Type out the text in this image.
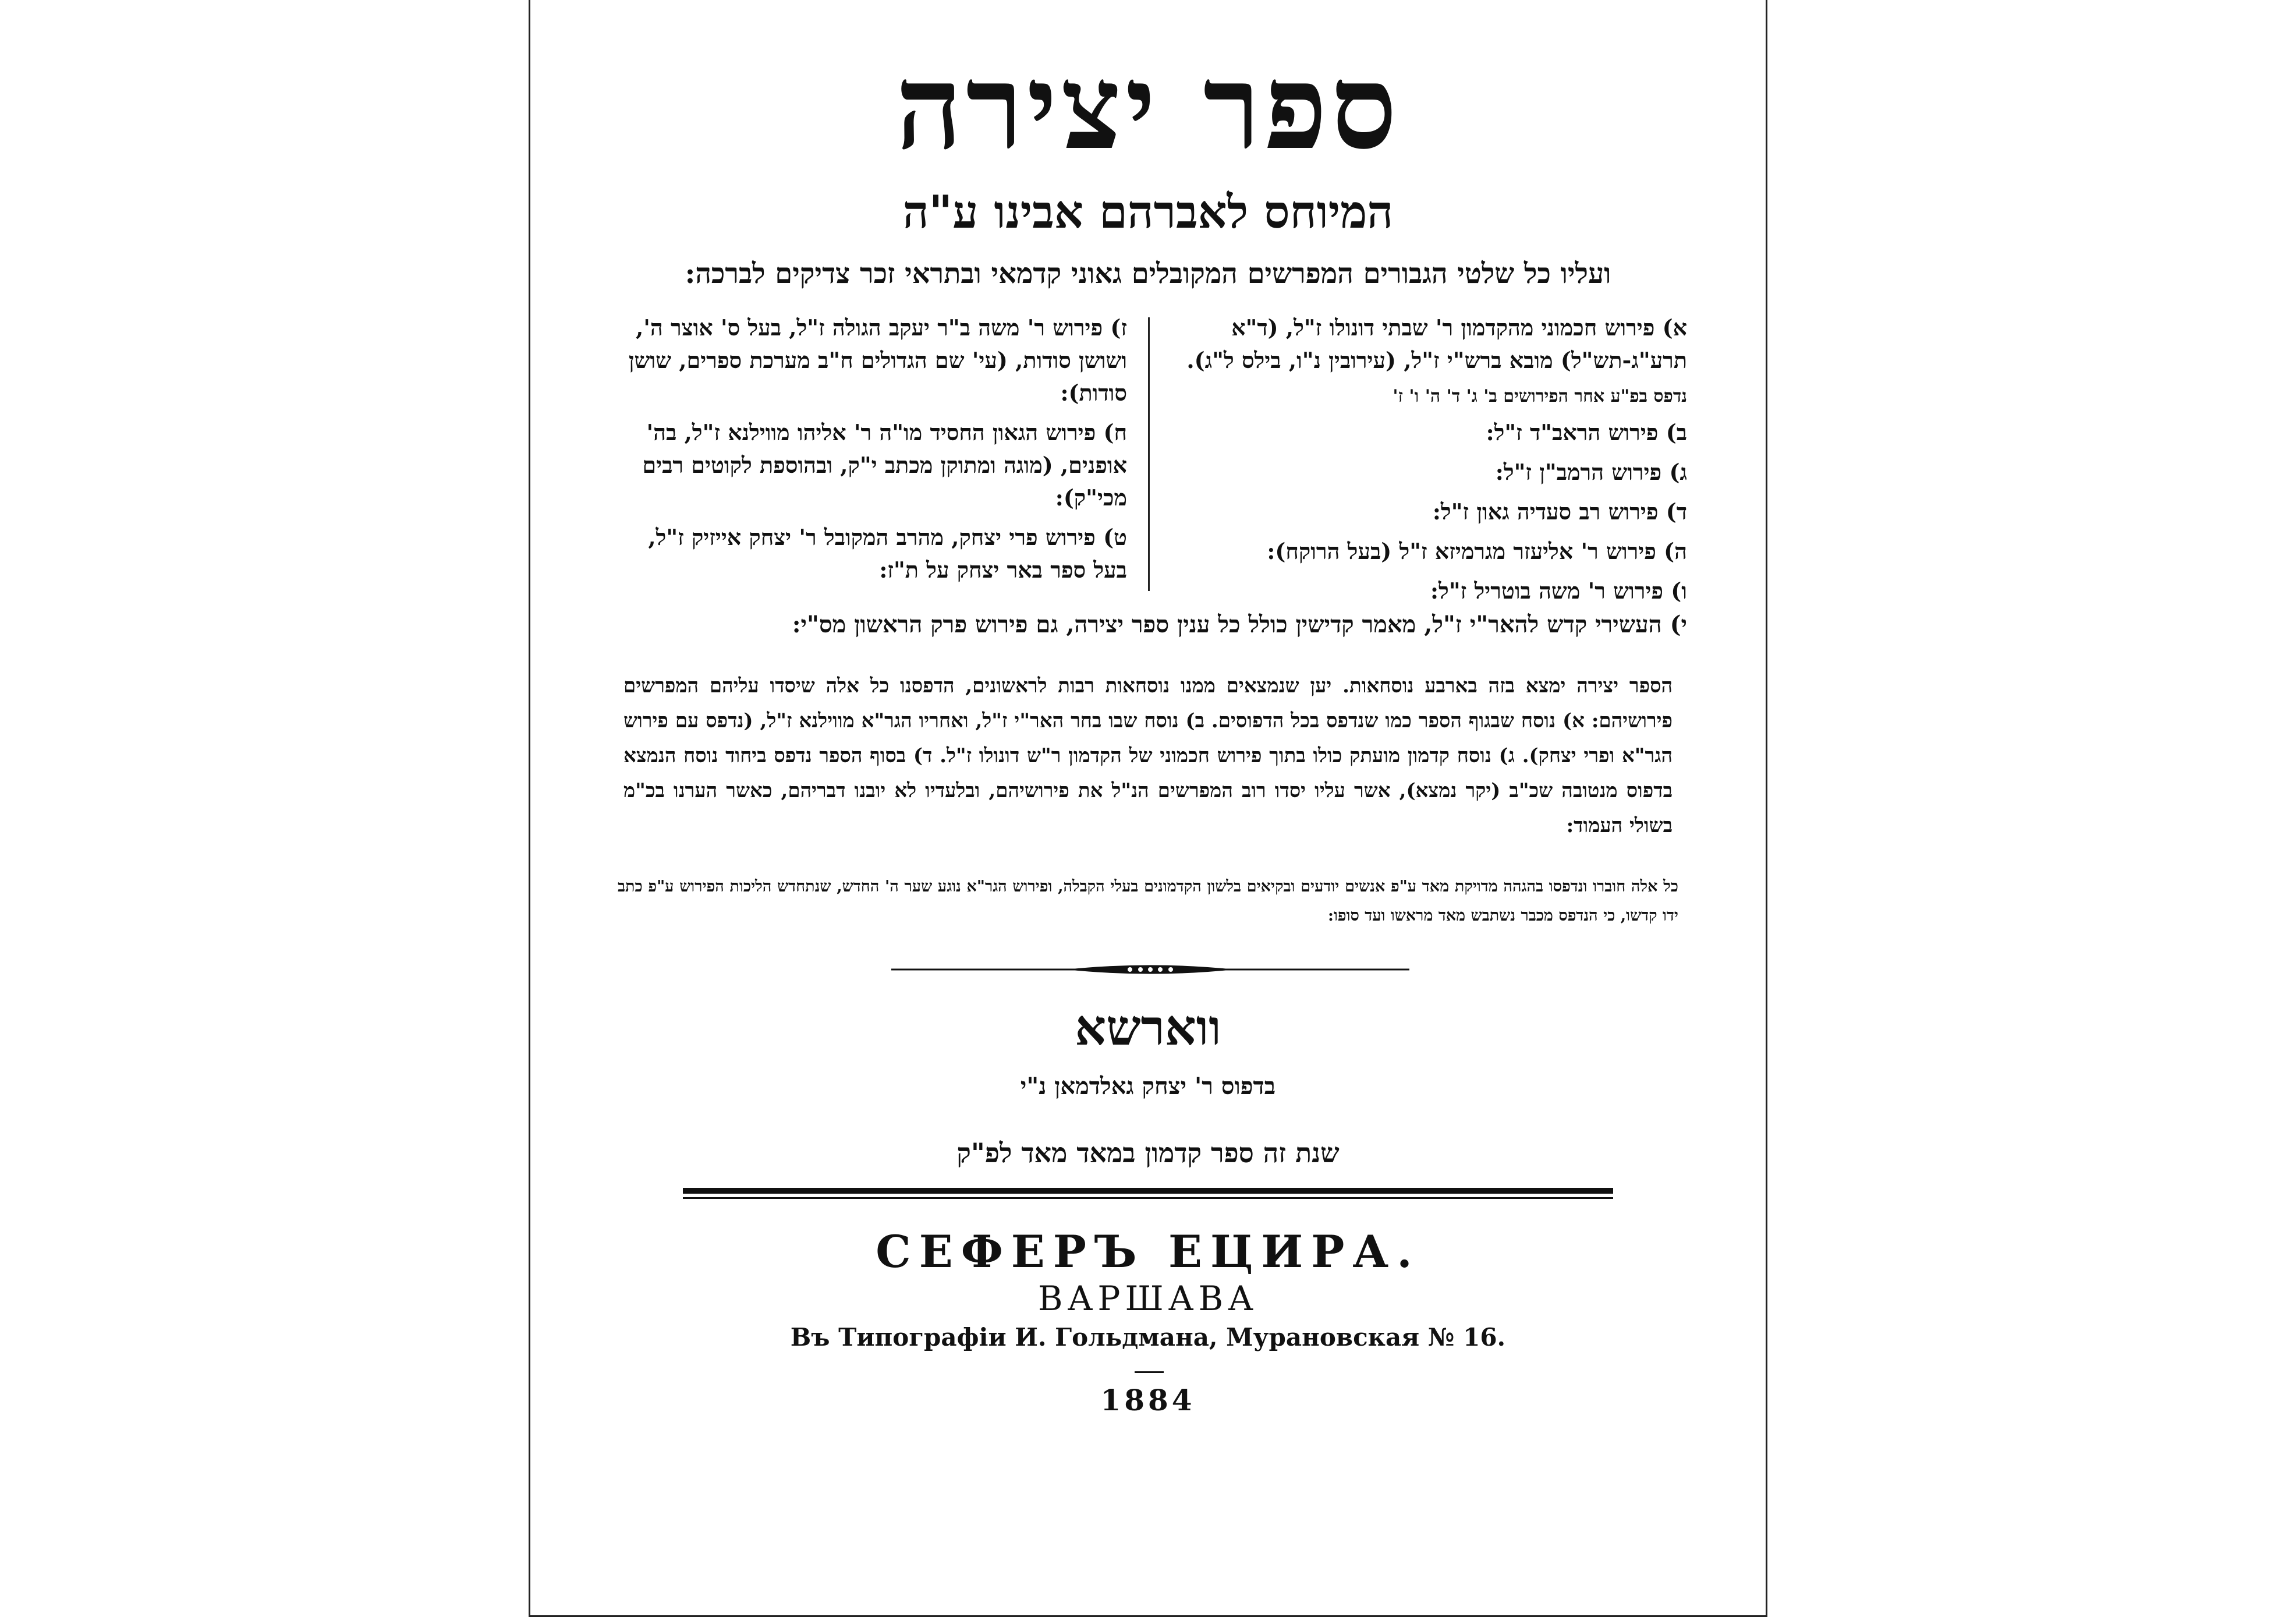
ספר יצירה
המיוחס לאברהם אבינו ע"ה
ועליו כל שלטי הגבורים המפרשים המקובלים גאוני קדמאי ובתראי זכר צדיקים לברכה:
א) פירוש חכמוני מהקדמון ר' שבתי דונולו ז"ל, (ד"א תרע"ג-תש"ל) מובא ברש"י ז"ל, (עירובין נ"ו, בילס ל"ג).
נדפס בפ"ע אחר הפירושים ב' ג' ד' ה' ו' ז'
ב) פירוש הראב"ד ז"ל:
ג) פירוש הרמב"ן ז"ל:
ד) פירוש רב סעדיה גאון ז"ל:
ה) פירוש ר' אליעזר מגרמיזא ז"ל (בעל הרוקח):
ו) פירוש ר' משה בוטריל ז"ל:
ז) פירוש ר' משה ב"ר יעקב הגולה ז"ל, בעל ס' אוצר ה', ושושן סודות, (עי' שם הגדולים ח"ב מערכת ספרים, שושן סודות):
ח) פירוש הגאון החסיד מו"ה ר' אליהו מווילנא ז"ל, בה' אופנים, (מוגה ומתוקן מכתב י"ק, ובהוספת לקוטים רבים מכי"ק):
ט) פירוש פרי יצחק, מהרב המקובל ר' יצחק אייזיק ז"ל, בעל ספר באר יצחק על ת"ז:
י) העשירי קדש להאר"י ז"ל, מאמר קדישין כולל כל ענין ספר יצירה, גם פירוש פרק הראשון מס"י:
הספר יצירה ימצא בזה בארבע נוסחאות. יען שנמצאים ממנו נוסחאות רבות לראשונים, הדפסנו כל אלה שיסדו עליהם המפרשים פירושיהם: א) נוסח שבגוף הספר כמו שנדפס בכל הדפוסים. ב) נוסח שבו בחר האר"י ז"ל, ואחריו הגר"א מווילנא ז"ל, (נדפס עם פירוש הגר"א ופרי יצחק). ג) נוסח קדמון מועתק כולו בתוך פירוש חכמוני של הקדמון ר"ש דונולו ז"ל. ד) בסוף הספר נדפס ביחוד נוסח הנמצא בדפוס מנטובה שכ"ב (יקר נמצא), אשר עליו יסדו רוב המפרשים הנ"ל את פירושיהם, ובלעדיו לא יובנו דבריהם, כאשר הערנו בכ"מ בשולי העמוד:
כל אלה חוברו ונדפסו בהגהה מדויקת מאד ע"פ אנשים יודעים ובקיאים בלשון הקדמונים בעלי הקבלה, ופירוש הגר"א נוגע שער ה' החדש, שנתחדש הליכות הפירוש ע"פ כתב ידו קדשו, כי הנדפס מכבר נשתבש מאד מראשו ועד סופו:
ווארשא
בדפוס ר' יצחק גאלדמאן נ"י
שנת זה ספר קדמון במאד מאד לפ"ק
СЕФЕРЪ ЕЦИРА.
ВАРШАВА
Въ Типографіи И. Гольдмана, Мурановская № 16.
1884
